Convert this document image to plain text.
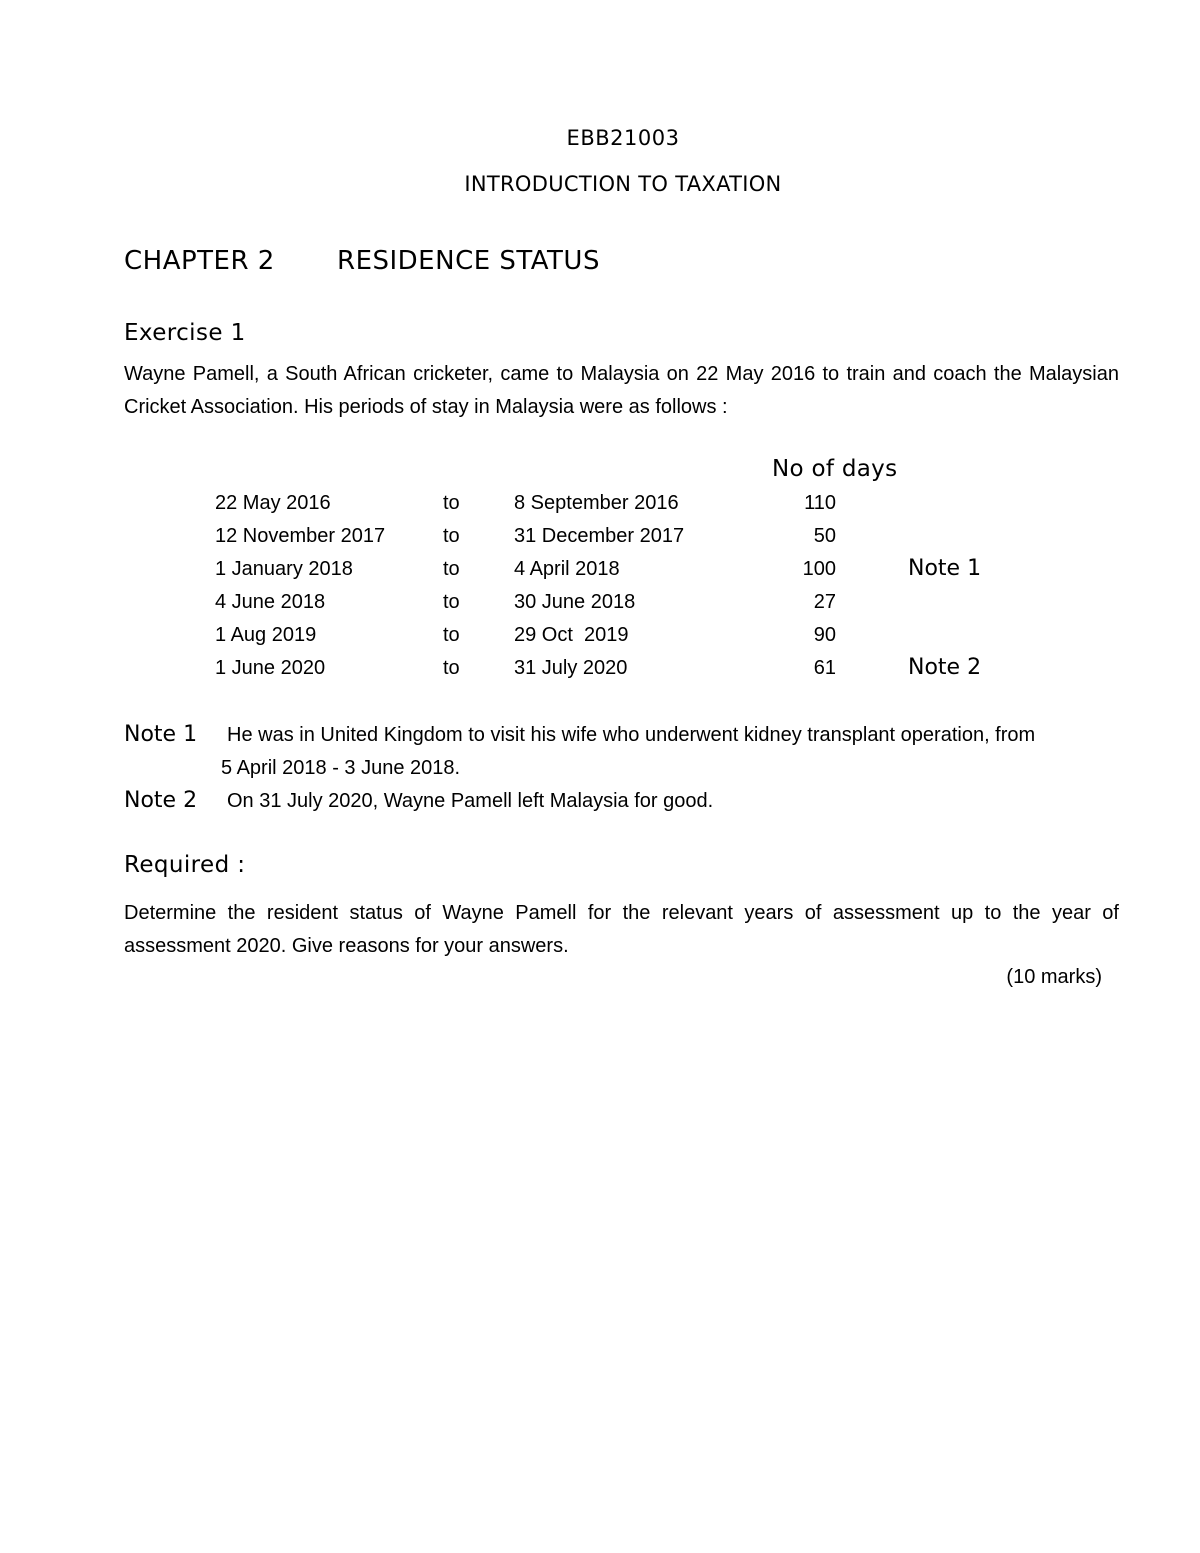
EBB21003
INTRODUCTION TO TAXATION
CHAPTER 2 RESIDENCE STATUS
Exercise 1
Wayne Pamell, a South African cricketer, came to Malaysia on 22 May 2016 to train and coach the Malaysian Cricket Association. His periods of stay in Malaysia were as follows :
No of days
22 May 2016	to	8 September 2016	110
12 November 2017	to	31 December 2017	50
1 January 2018	to	4 April 2018	100	Note 1
4 June 2018	to	30 June 2018	27
1 Aug 2019	to	29 Oct  2019	90
1 June 2020	to	31 July 2020	61	Note 2
Note 1 He was in United Kingdom to visit his wife who underwent kidney transplant operation, from
5 April 2018 - 3 June 2018.
Note 2 On 31 July 2020, Wayne Pamell left Malaysia for good.
Required :
Determine the resident status of Wayne Pamell for the relevant years of assessment up to the year of assessment 2020. Give reasons for your answers.
(10 marks)
